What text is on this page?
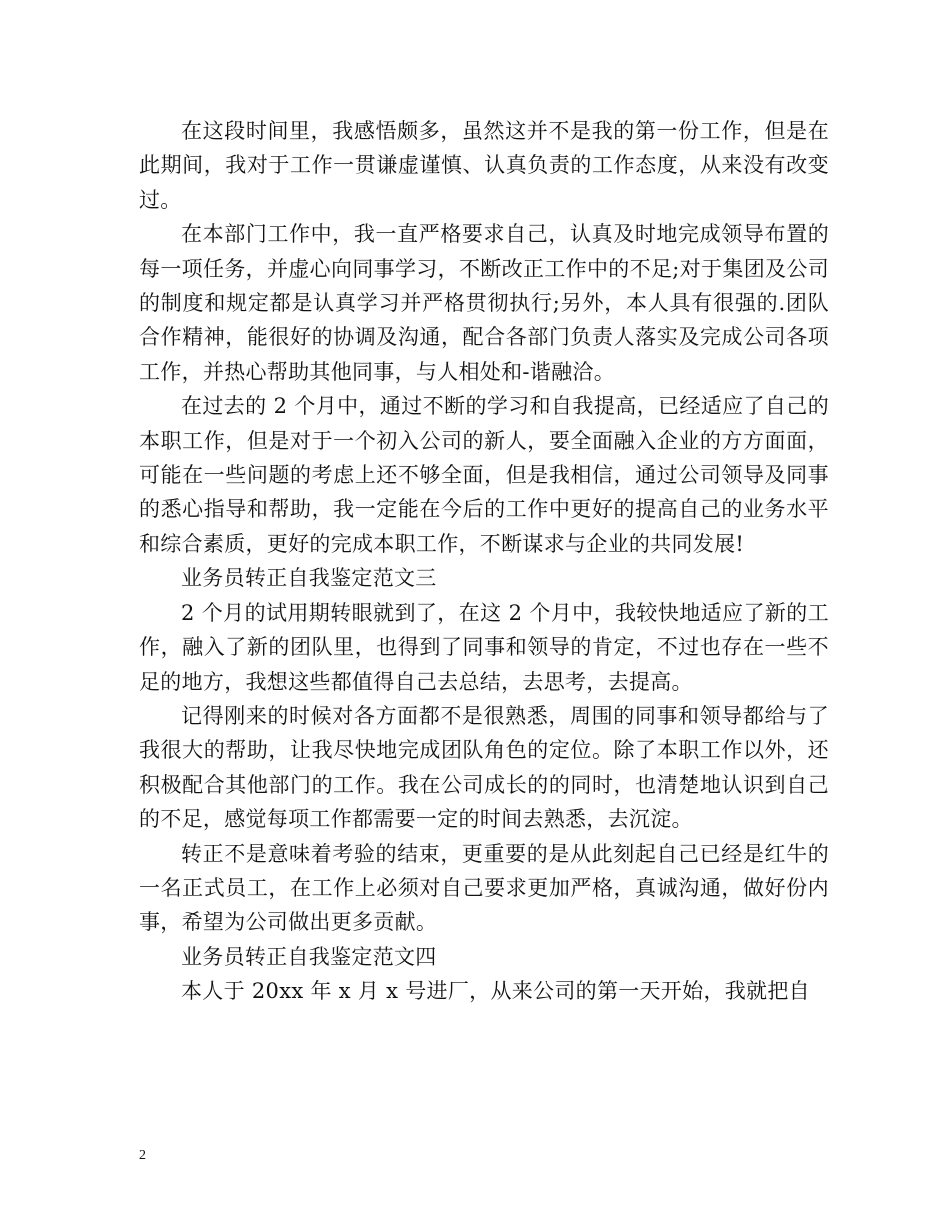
在这段时间里，我感悟颇多，虽然这并不是我的第一份工作，但是在此期间，我对于工作一贯谦虚谨慎、认真负责的工作态度，从来没有改变过。

在本部门工作中，我一直严格要求自己，认真及时地完成领导布置的每一项任务，并虚心向同事学习，不断改正工作中的不足;对于集团及公司的制度和规定都是认真学习并严格贯彻执行;另外，本人具有很强的.团队合作精神，能很好的协调及沟通，配合各部门负责人落实及完成公司各项工作，并热心帮助其他同事，与人相处和-谐融洽。

在过去的 2 个月中，通过不断的学习和自我提高，已经适应了自己的本职工作，但是对于一个初入公司的新人，要全面融入企业的方方面面，可能在一些问题的考虑上还不够全面，但是我相信，通过公司领导及同事的悉心指导和帮助，我一定能在今后的工作中更好的提高自己的业务水平和综合素质，更好的完成本职工作，不断谋求与企业的共同发展!

业务员转正自我鉴定范文三

2 个月的试用期转眼就到了，在这 2 个月中，我较快地适应了新的工作，融入了新的团队里，也得到了同事和领导的肯定，不过也存在一些不足的地方，我想这些都值得自己去总结，去思考，去提高。

记得刚来的时候对各方面都不是很熟悉，周围的同事和领导都给与了我很大的帮助，让我尽快地完成团队角色的定位。除了本职工作以外，还积极配合其他部门的工作。我在公司成长的的同时，也清楚地认识到自己的不足，感觉每项工作都需要一定的时间去熟悉，去沉淀。

转正不是意味着考验的结束，更重要的是从此刻起自己已经是红牛的一名正式员工，在工作上必须对自己要求更加严格，真诚沟通，做好份内事，希望为公司做出更多贡献。

业务员转正自我鉴定范文四

本人于 20xx 年 x 月 x 号进厂，从来公司的第一天开始，我就把自

2
